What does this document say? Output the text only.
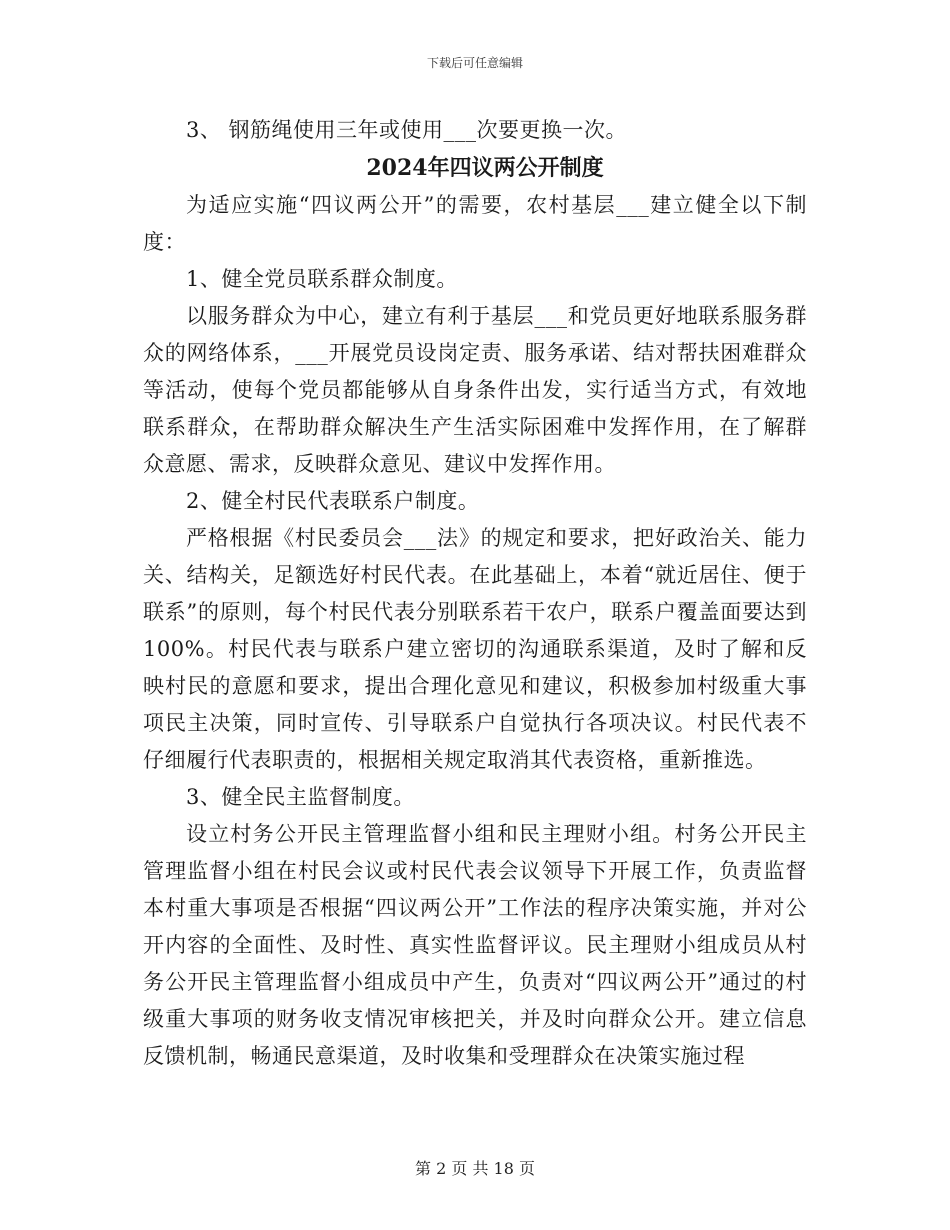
下载后可任意编辑

3、 钢筋绳使用三年或使用___次要更换一次。

2024年四议两公开制度

为适应实施“四议两公开”的需要，农村基层___建立健全以下制度：

1、健全党员联系群众制度。

以服务群众为中心，建立有利于基层___和党员更好地联系服务群众的网络体系，___开展党员设岗定责、服务承诺、结对帮扶困难群众等活动，使每个党员都能够从自身条件出发，实行适当方式，有效地联系群众，在帮助群众解决生产生活实际困难中发挥作用，在了解群众意愿、需求，反映群众意见、建议中发挥作用。

2、健全村民代表联系户制度。

严格根据《村民委员会___法》的规定和要求，把好政治关、能力关、结构关，足额选好村民代表。在此基础上，本着“就近居住、便于联系”的原则，每个村民代表分别联系若干农户，联系户覆盖面要达到100%。村民代表与联系户建立密切的沟通联系渠道，及时了解和反映村民的意愿和要求，提出合理化意见和建议，积极参加村级重大事项民主决策，同时宣传、引导联系户自觉执行各项决议。村民代表不仔细履行代表职责的，根据相关规定取消其代表资格，重新推选。

3、健全民主监督制度。

设立村务公开民主管理监督小组和民主理财小组。村务公开民主管理监督小组在村民会议或村民代表会议领导下开展工作，负责监督本村重大事项是否根据“四议两公开”工作法的程序决策实施，并对公开内容的全面性、及时性、真实性监督评议。民主理财小组成员从村务公开民主管理监督小组成员中产生，负责对“四议两公开”通过的村级重大事项的财务收支情况审核把关，并及时向群众公开。建立信息反馈机制，畅通民意渠道，及时收集和受理群众在决策实施过程

第 2 页 共 18 页
